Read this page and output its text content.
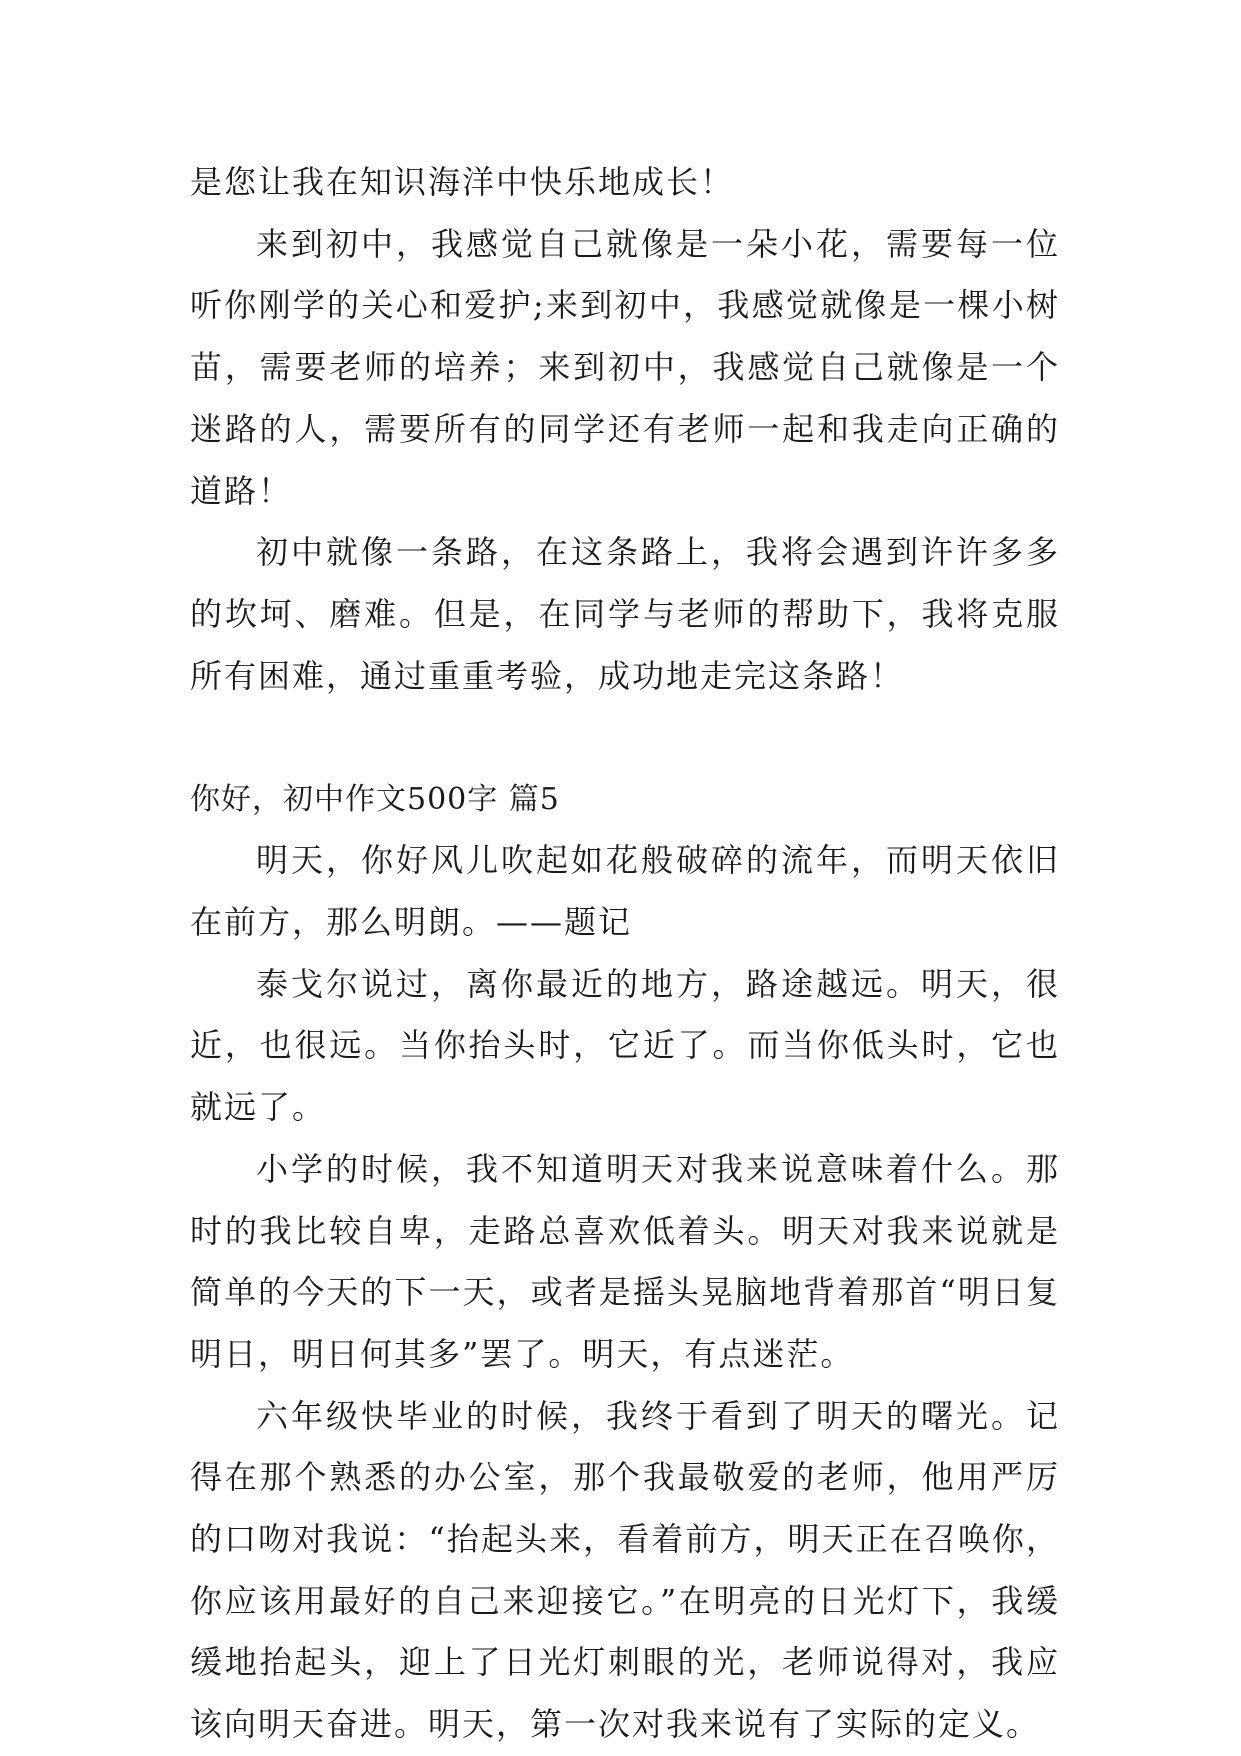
是您让我在知识海洋中快乐地成长！

来到初中，我感觉自己就像是一朵小花，需要每一位听你刚学的关心和爱护;来到初中，我感觉就像是一棵小树苗，需要老师的培养；来到初中，我感觉自己就像是一个迷路的人，需要所有的同学还有老师一起和我走向正确的道路！

初中就像一条路，在这条路上，我将会遇到许许多多的坎坷、磨难。但是，在同学与老师的帮助下，我将克服所有困难，通过重重考验，成功地走完这条路！

你好，初中作文500字 篇5

明天，你好风儿吹起如花般破碎的流年，而明天依旧在前方，那么明朗。——题记

泰戈尔说过，离你最近的地方，路途越远。明天，很近，也很远。当你抬头时，它近了。而当你低头时，它也就远了。

小学的时候，我不知道明天对我来说意味着什么。那时的我比较自卑，走路总喜欢低着头。明天对我来说就是简单的今天的下一天，或者是摇头晃脑地背着那首“明日复明日，明日何其多”罢了。明天，有点迷茫。

六年级快毕业的时候，我终于看到了明天的曙光。记得在那个熟悉的办公室，那个我最敬爱的老师，他用严厉的口吻对我说：“抬起头来，看着前方，明天正在召唤你，你应该用最好的自己来迎接它。”在明亮的日光灯下，我缓缓地抬起头，迎上了日光灯刺眼的光，老师说得对，我应该向明天奋进。明天，第一次对我来说有了实际的定义。
